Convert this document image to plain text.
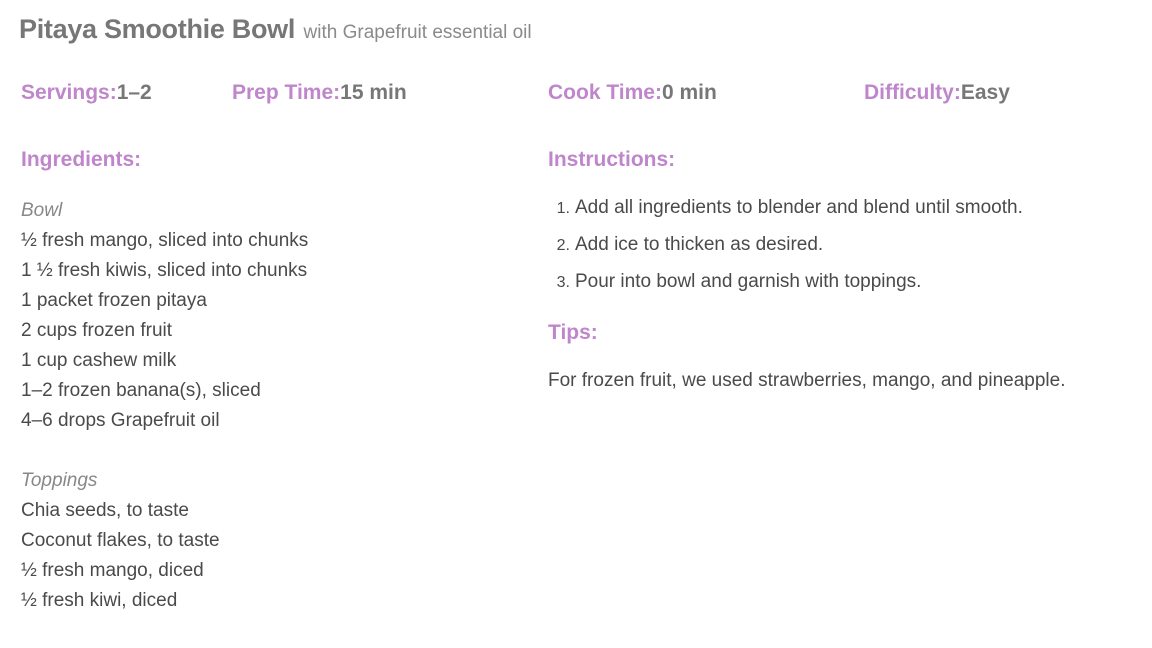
Pitaya Smoothie Bowl with Grapefruit essential oil
Servings:1–2	Prep Time:15 min	Cook Time:0 min	Difficulty:Easy
Ingredients:
Bowl
½ fresh mango, sliced into chunks
1 ½ fresh kiwis, sliced into chunks
1 packet frozen pitaya
2 cups frozen fruit
1 cup cashew milk
1–2 frozen banana(s), sliced
4–6 drops Grapefruit oil
Toppings
Chia seeds, to taste
Coconut flakes, to taste
½ fresh mango, diced
½ fresh kiwi, diced
Instructions:
1. Add all ingredients to blender and blend until smooth.
2. Add ice to thicken as desired.
3. Pour into bowl and garnish with toppings.
Tips:
For frozen fruit, we used strawberries, mango, and pineapple.
